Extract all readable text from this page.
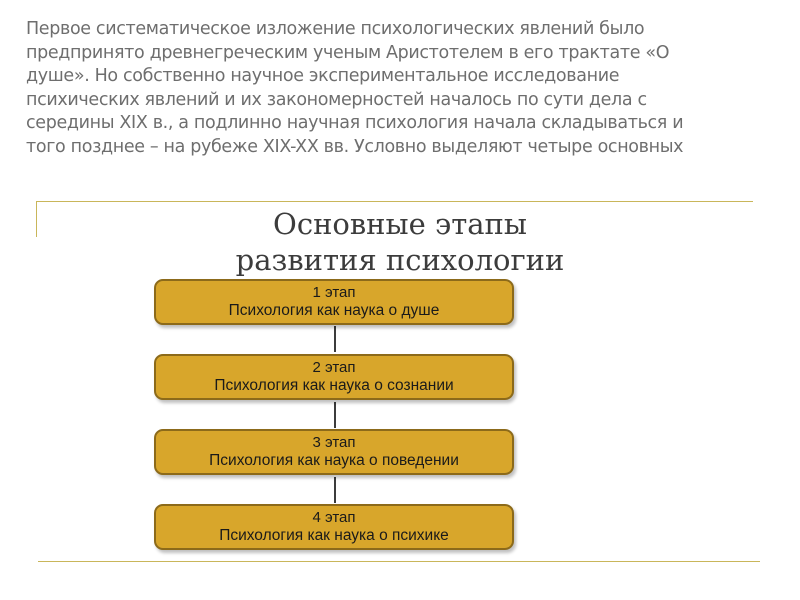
Первое систематическое изложение психологических явлений было
предпринято древнегреческим ученым Аристотелем в его трактате «О
душе». Но собственно научное экспериментальное исследование
психических явлений и их закономерностей началось по сути дела с
середины XIX в., а подлинно научная психология начала складываться и
того позднее – на рубеже XIX-XX вв. Условно выделяют четыре основных
Основные этапы
развития психологии
1 этап
Психология как наука о душе
2 этап
Психология как наука о сознании
3 этап
Психология как наука о поведении
4 этап
Психология как наука о психике
